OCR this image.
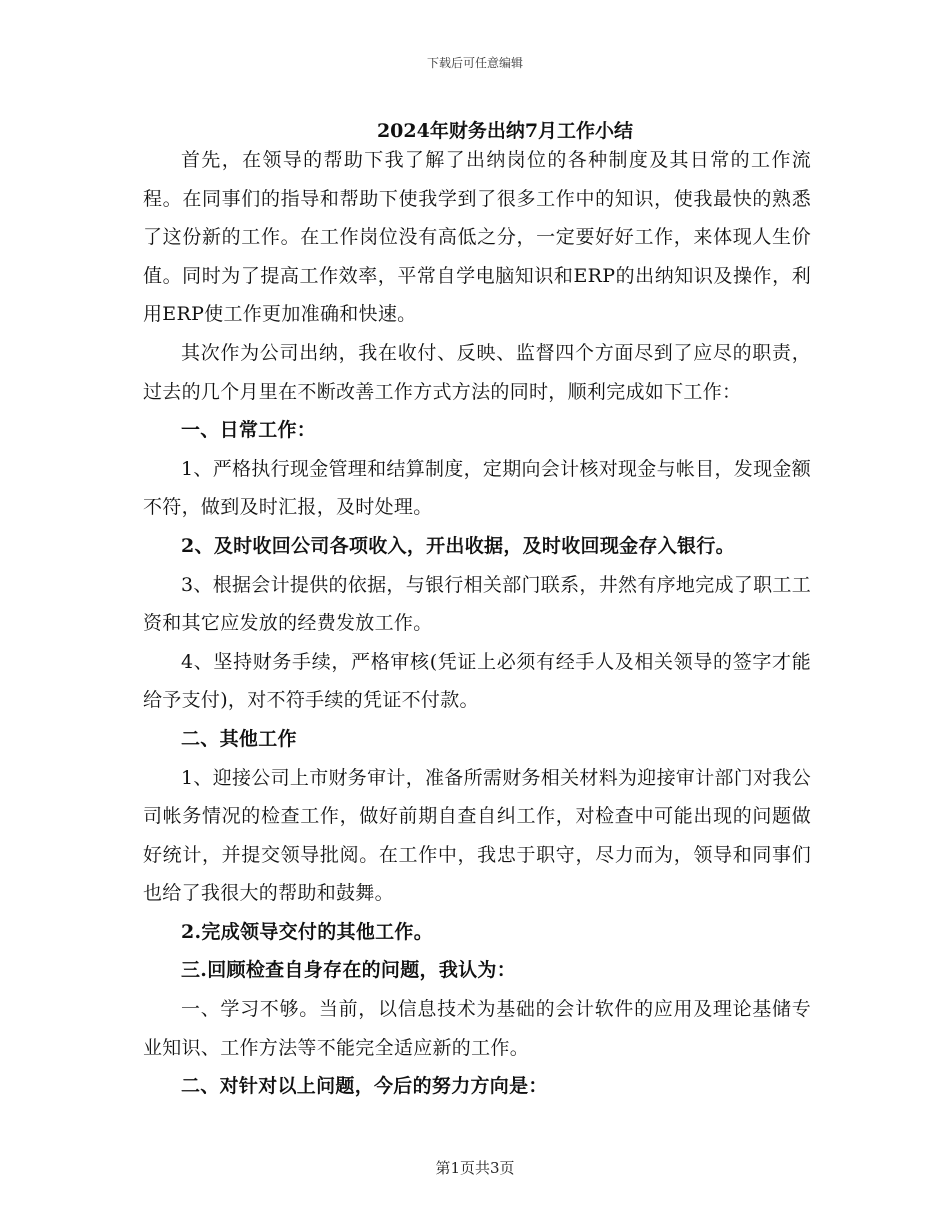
下载后可任意编辑
2024年财务出纳7月工作小结

首先，在领导的帮助下我了解了出纳岗位的各种制度及其日常的工作流程。在同事们的指导和帮助下使我学到了很多工作中的知识，使我最快的熟悉了这份新的工作。在工作岗位没有高低之分，一定要好好工作，来体现人生价值。同时为了提高工作效率，平常自学电脑知识和ERP的出纳知识及操作，利用ERP使工作更加准确和快速。

其次作为公司出纳，我在收付、反映、监督四个方面尽到了应尽的职责，过去的几个月里在不断改善工作方式方法的同时，顺利完成如下工作：

一、日常工作：

1、严格执行现金管理和结算制度，定期向会计核对现金与帐目，发现金额不符，做到及时汇报，及时处理。

2、及时收回公司各项收入，开出收据，及时收回现金存入银行。

3、根据会计提供的依据，与银行相关部门联系，井然有序地完成了职工工资和其它应发放的经费发放工作。

4、坚持财务手续，严格审核(凭证上必须有经手人及相关领导的签字才能给予支付)，对不符手续的凭证不付款。

二、其他工作

1、迎接公司上市财务审计，准备所需财务相关材料为迎接审计部门对我公司帐务情况的检查工作，做好前期自查自纠工作，对检查中可能出现的问题做好统计，并提交领导批阅。在工作中，我忠于职守，尽力而为，领导和同事们也给了我很大的帮助和鼓舞。

2.完成领导交付的其他工作。

三.回顾检查自身存在的问题，我认为：

一、学习不够。当前，以信息技术为基础的会计软件的应用及理论基储专业知识、工作方法等不能完全适应新的工作。

二、对针对以上问题，今后的努力方向是：

第1页共3页
